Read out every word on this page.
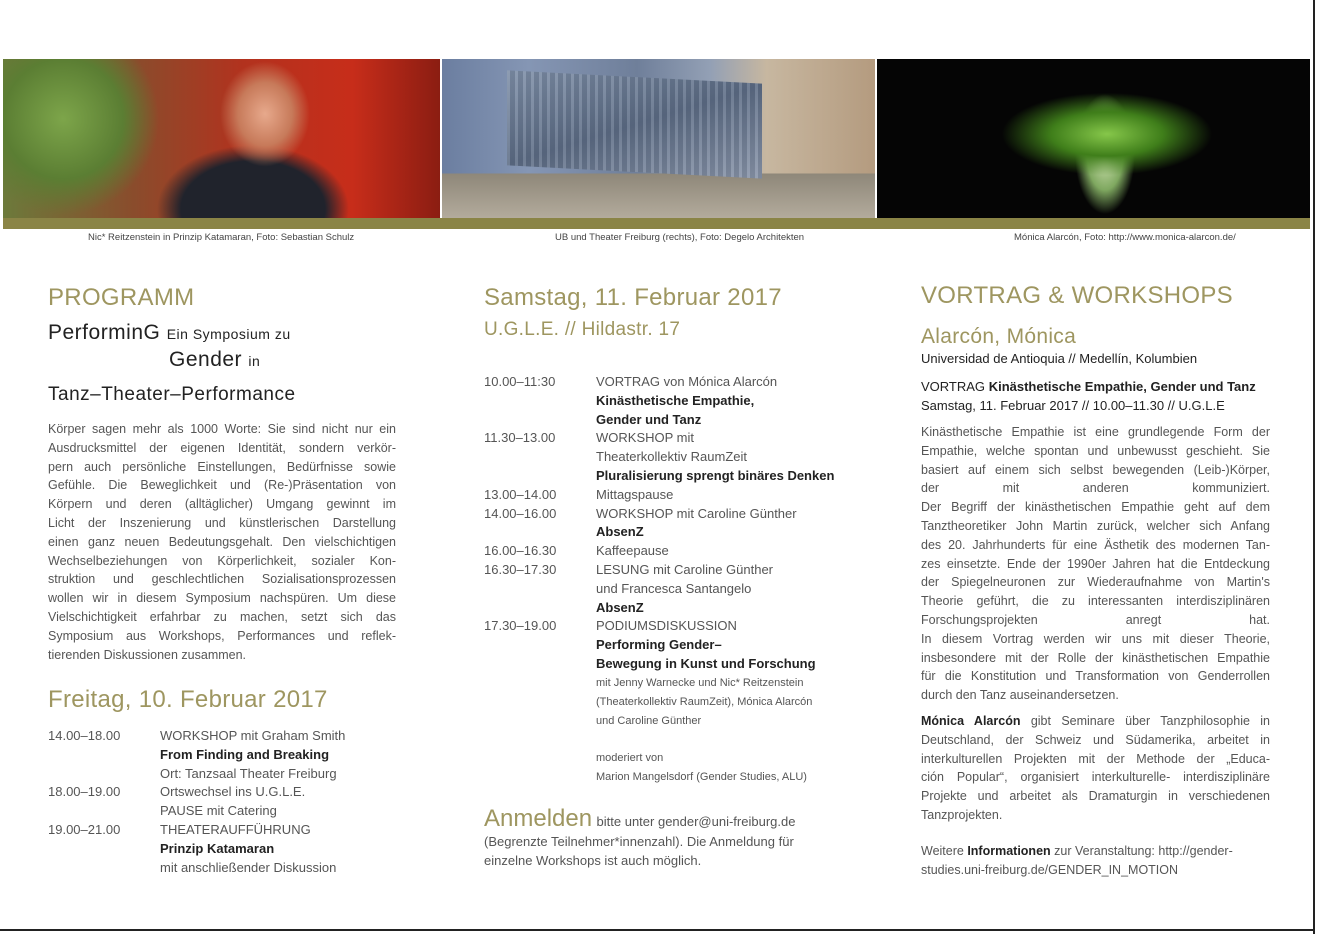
Nic* Reitzenstein in Prinzip Katamaran, Foto: Sebastian Schulz	UB und Theater Freiburg (rechts), Foto: Degelo Architekten	Mónica Alarcón, Foto: http://www.monica-alarcon.de/
PROGRAMM
PerforminG Ein Symposium zu
Gender in
Tanz–Theater–Performance

Körper sagen mehr als 1000 Worte: Sie sind nicht nur ein

Ausdrucksmittel der eigenen Identität, sondern verkör-

pern auch persönliche Einstellungen, Bedürfnisse sowie

Gefühle. Die Beweglichkeit und (Re-)Präsentation von

Körpern und deren (alltäglicher) Umgang gewinnt im

Licht der Inszenierung und künstlerischen Darstellung

einen ganz neuen Bedeutungsgehalt. Den vielschichtigen

Wechselbeziehungen von Körperlichkeit, sozialer Kon-

struktion und geschlechtlichen Sozialisationsprozessen

wollen wir in diesem Symposium nachspüren. Um diese

Vielschichtigkeit erfahrbar zu machen, setzt sich das

Symposium aus Workshops, Performances und reflek-

tierenden Diskussionen zusammen.

Freitag, 10. Februar 2017
14.00–18.00	WORKSHOP mit Graham Smith
From Finding and Breaking
Ort: Tanzsaal Theater Freiburg
18.00–19.00	Ortswechsel ins U.G.L.E.
PAUSE mit Catering
19.00–21.00	THEATERAUFFÜHRUNG
Prinzip Katamaran
mit anschließender Diskussion
Samstag, 11. Februar 2017
U.G.L.E. // Hildastr. 17
10.00–11:30	VORTRAG von Mónica Alarcón
Kinästhetische Empathie,
Gender und Tanz
11.30–13.00	WORKSHOP mit
Theaterkollektiv RaumZeit
Pluralisierung sprengt binäres Denken
13.00–14.00	Mittagspause
14.00–16.00	WORKSHOP mit Caroline Günther
AbsenZ
16.00–16.30	Kaffeepause
16.30–17.30	LESUNG mit Caroline Günther
und Francesca Santangelo
AbsenZ
17.30–19.00	PODIUMSDISKUSSION
Performing Gender–
Bewegung in Kunst und Forschung
mit Jenny Warnecke und Nic* Reitzenstein
(Theaterkollektiv RaumZeit), Mónica Alarcón
und Caroline Günther
moderiert von
Marion Mangelsdorf (Gender Studies, ALU)
Anmelden bitte unter gender@uni-freiburg.de
(Begrenzte Teilnehmer*innenzahl). Die Anmeldung für
einzelne Workshops ist auch möglich.
VORTRAG & WORKSHOPS
Alarcón, Mónica
Universidad de Antioquia // Medellín, Kolumbien
VORTRAG Kinästhetische Empathie, Gender und Tanz
Samstag, 11. Februar 2017 // 10.00–11.30 // U.G.L.E

Kinästhetische Empathie ist eine grundlegende Form der

Empathie, welche spontan und unbewusst geschieht. Sie

basiert auf einem sich selbst bewegenden (Leib-)Körper,

der mit anderen kommuniziert.

Der Begriff der kinästhetischen Empathie geht auf dem

Tanztheoretiker John Martin zurück, welcher sich Anfang

des 20. Jahrhunderts für eine Ästhetik des modernen Tan-

zes einsetzte. Ende der 1990er Jahren hat die Entdeckung

der Spiegelneuronen zur Wiederaufnahme von Martin's

Theorie geführt, die zu interessanten interdisziplinären

Forschungsprojekten anregt hat.

In diesem Vortrag werden wir uns mit dieser Theorie,

insbesondere mit der Rolle der kinästhetischen Empathie

für die Konstitution und Transformation von Genderrollen

durch den Tanz auseinandersetzen.

Mónica Alarcón gibt Seminare über Tanzphilosophie in

Deutschland, der Schweiz und Südamerika, arbeitet in

interkulturellen Projekten mit der Methode der „Educa-

ción Popular“, organisiert interkulturelle- interdisziplinäre

Projekte und arbeitet als Dramaturgin in verschiedenen

Tanzprojekten.

Weitere Informationen zur Veranstaltung: http://gender-
studies.uni-freiburg.de/GENDER_IN_MOTION
